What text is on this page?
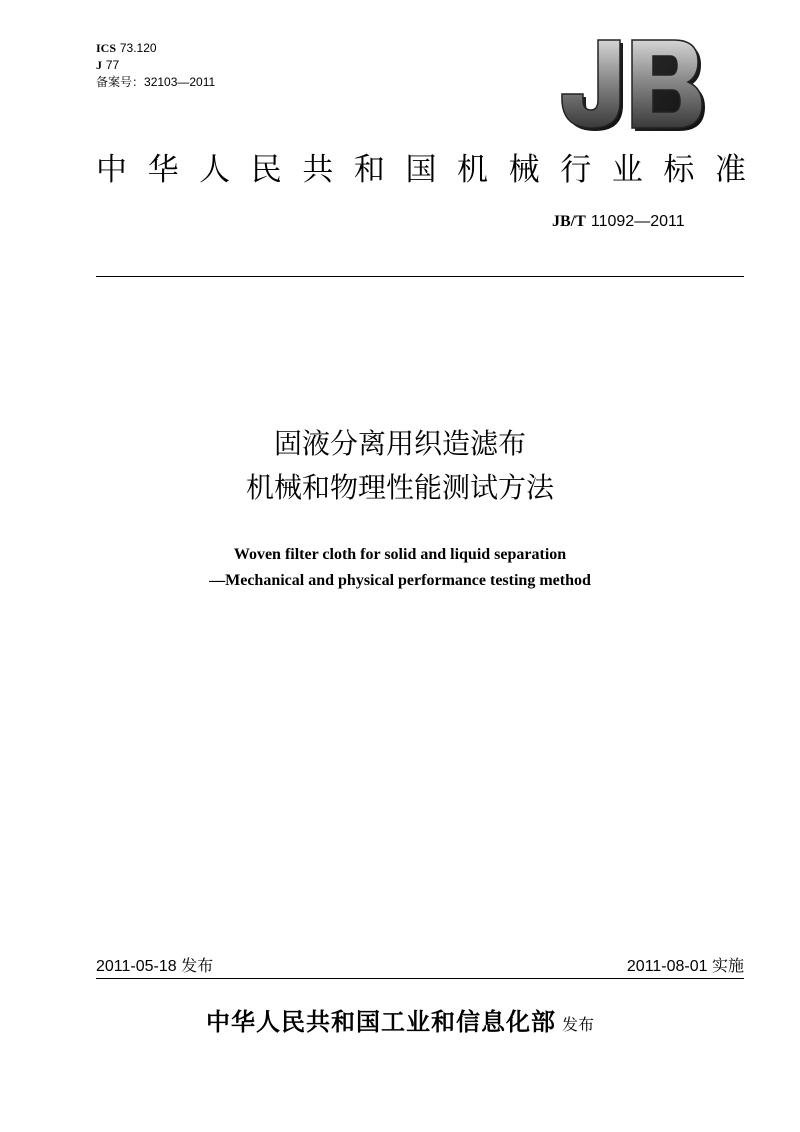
ICS 73.120
J 77
备案号：32103—2011
中 华 人 民 共 和 国 机 械 行 业 标 准
JB/T 11092—2011
固液分离用织造滤布
机械和物理性能测试方法
Woven filter cloth for solid and liquid separation
—Mechanical and physical performance testing method
2011-05-18 发布	2011-08-01 实施
中华人民共和国工业和信息化部 发布
